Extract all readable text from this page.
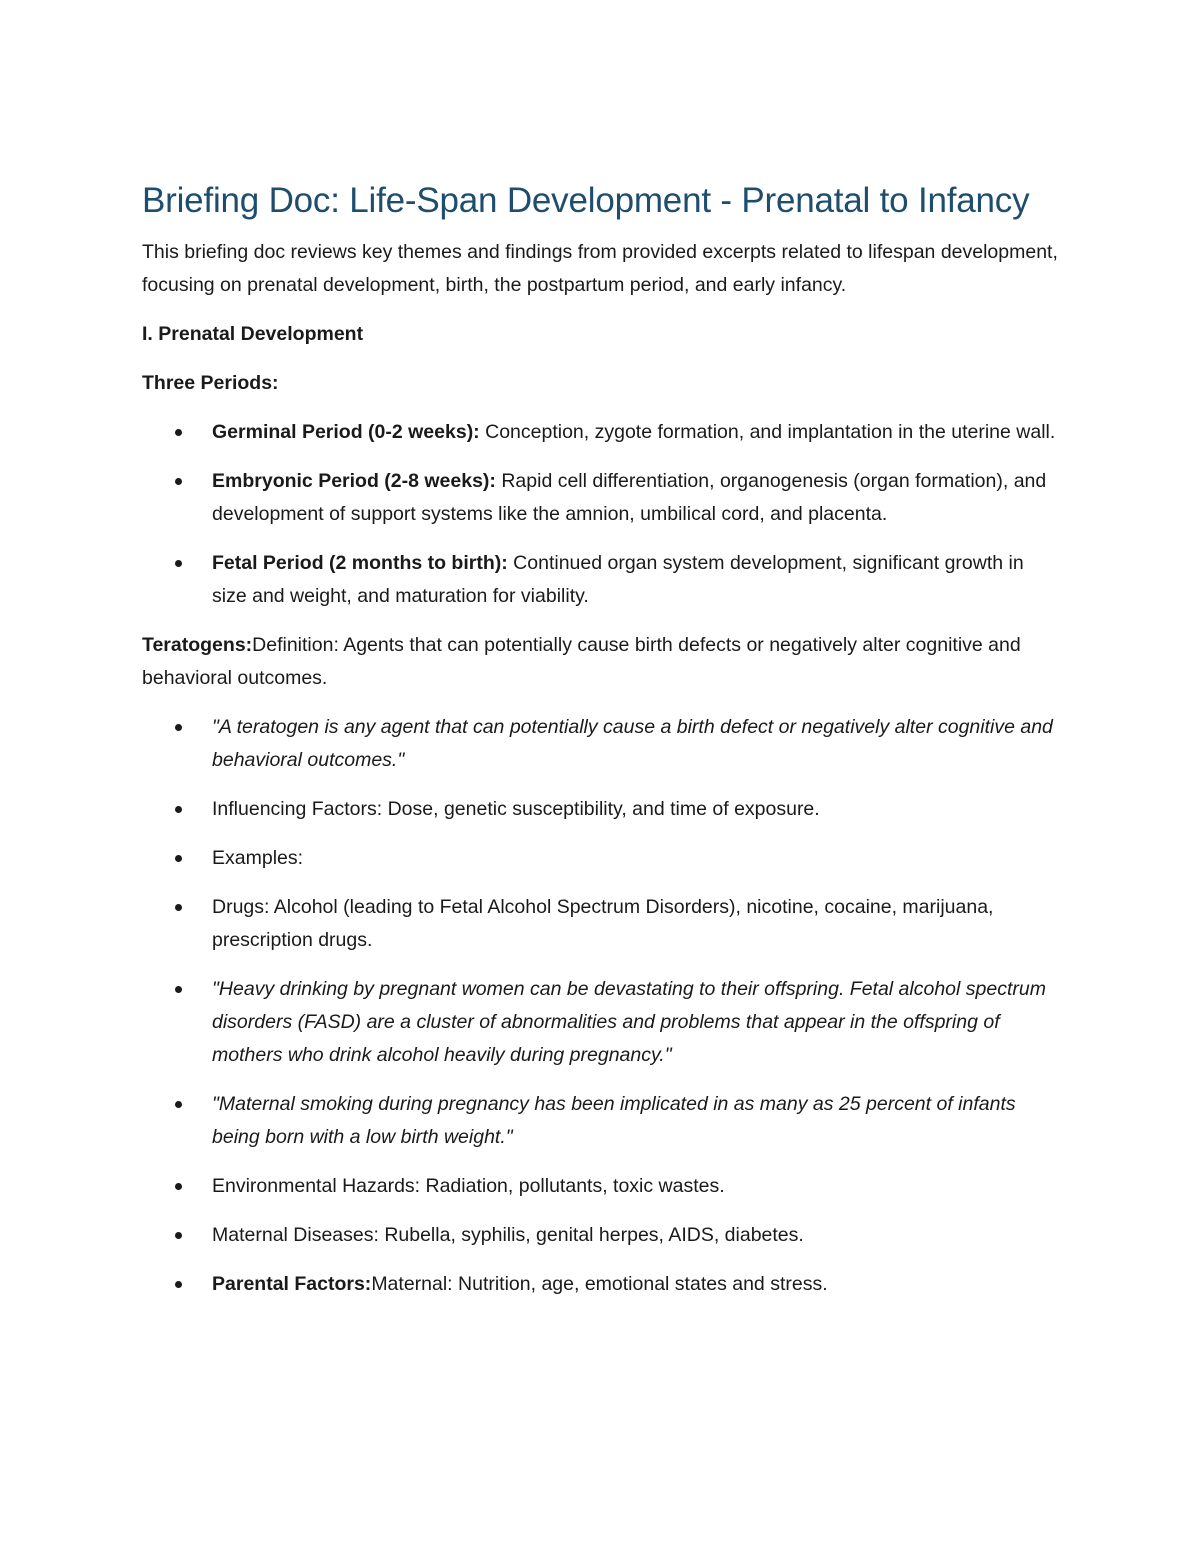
Briefing Doc: Life-Span Development - Prenatal to Infancy

This briefing doc reviews key themes and findings from provided excerpts related to lifespan development, focusing on prenatal development, birth, the postpartum period, and early infancy.

I. Prenatal Development

Three Periods:

Germinal Period (0-2 weeks): Conception, zygote formation, and implantation in the uterine wall.
Embryonic Period (2-8 weeks): Rapid cell differentiation, organogenesis (organ formation), and development of support systems like the amnion, umbilical cord, and placenta.
Fetal Period (2 months to birth): Continued organ system development, significant growth in size and weight, and maturation for viability.

Teratogens:Definition: Agents that can potentially cause birth defects or negatively alter cognitive and behavioral outcomes.

"A teratogen is any agent that can potentially cause a birth defect or negatively alter cognitive and behavioral outcomes."
Influencing Factors: Dose, genetic susceptibility, and time of exposure.
Examples:
Drugs: Alcohol (leading to Fetal Alcohol Spectrum Disorders), nicotine, cocaine, marijuana, prescription drugs.
"Heavy drinking by pregnant women can be devastating to their offspring. Fetal alcohol spectrum disorders (FASD) are a cluster of abnormalities and problems that appear in the offspring of mothers who drink alcohol heavily during pregnancy."
"Maternal smoking during pregnancy has been implicated in as many as 25 percent of infants being born with a low birth weight."
Environmental Hazards: Radiation, pollutants, toxic wastes.
Maternal Diseases: Rubella, syphilis, genital herpes, AIDS, diabetes.
Parental Factors:Maternal: Nutrition, age, emotional states and stress.
